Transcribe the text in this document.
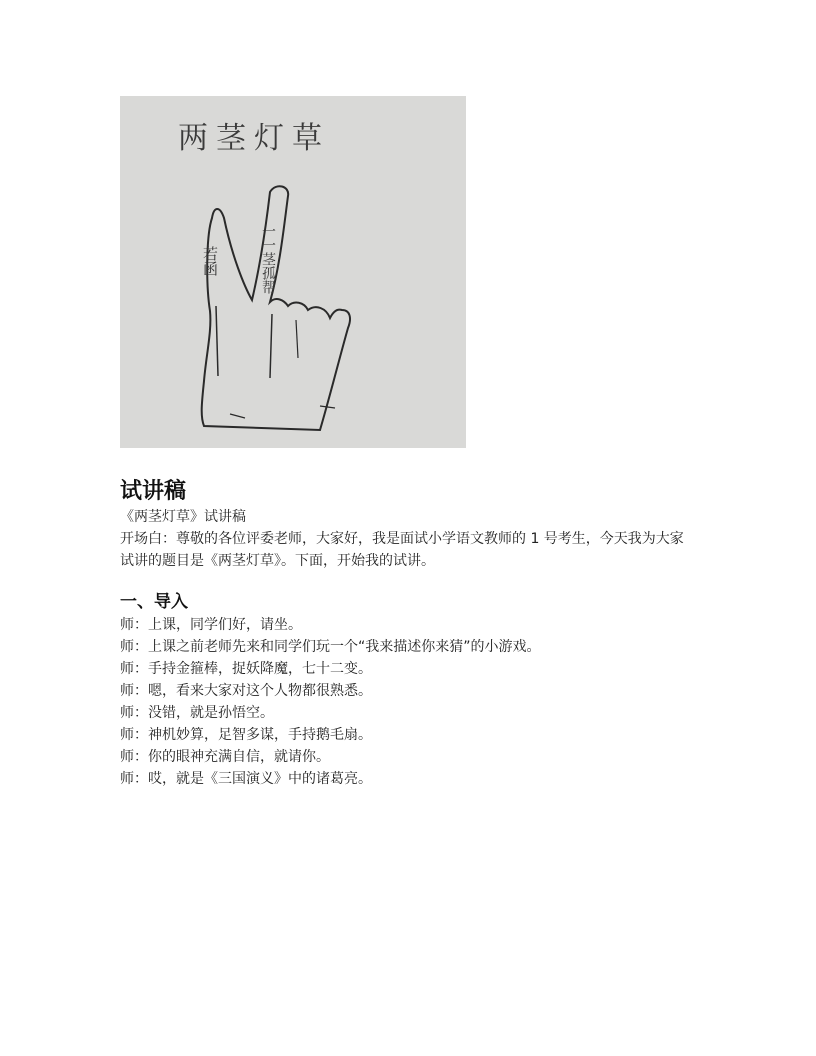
两茎灯草
若函	一一茎孤帮
试讲稿

《两茎灯草》试讲稿

开场白：尊敬的各位评委老师，大家好，我是面试小学语文教师的 1 号考生，今天我为大家试讲的题目是《两茎灯草》。下面，开始我的试讲。

一、导入

师：上课，同学们好，请坐。

师：上课之前老师先来和同学们玩一个“我来描述你来猜”的小游戏。

师：手持金箍棒，捉妖降魔，七十二变。

师：嗯，看来大家对这个人物都很熟悉。

师：没错，就是孙悟空。

师：神机妙算，足智多谋，手持鹅毛扇。

师：你的眼神充满自信，就请你。

师：哎，就是《三国演义》中的诸葛亮。
